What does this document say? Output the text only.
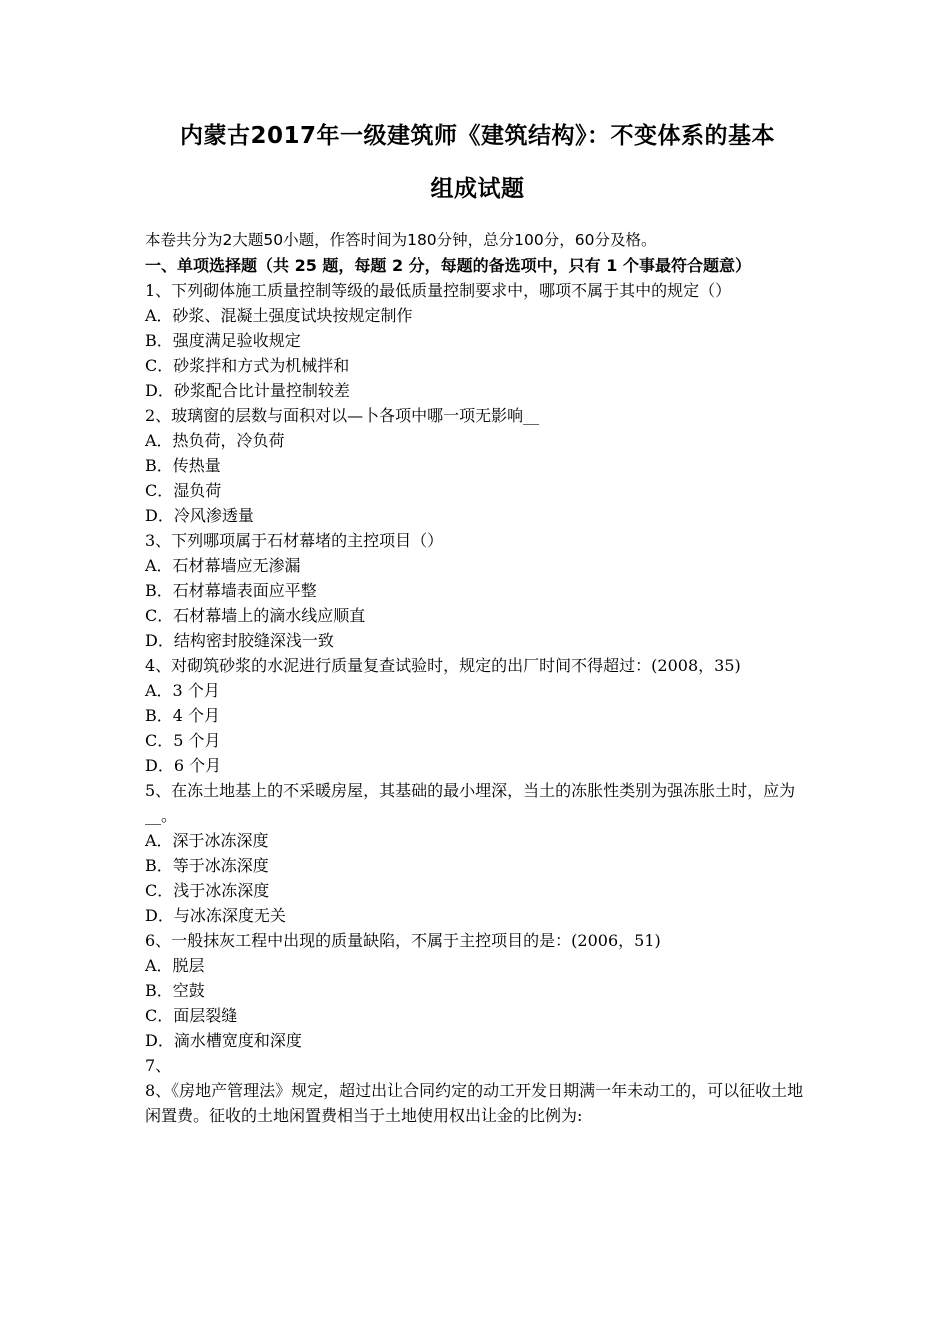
内蒙古2017年一级建筑师《建筑结构》：不变体系的基本
组成试题
本卷共分为2大题50小题，作答时间为180分钟，总分100分，60分及格。
一、单项选择题（共 25 题，每题 2 分，每题的备选项中，只有 1 个事最符合题意）
1、下列砌体施工质量控制等级的最低质量控制要求中，哪项不属于其中的规定（）
A．砂浆、混凝土强度试块按规定制作
B．强度满足验收规定
C．砂浆拌和方式为机械拌和
D．砂浆配合比计量控制较差
2、玻璃窗的层数与面积对以—卜各项中哪一项无影响__
A．热负荷，冷负荷
B．传热量
C．湿负荷
D．冷风渗透量
3、下列哪项属于石材幕堵的主控项目（）
A．石材幕墙应无渗漏
B．石材幕墙表面应平整
C．石材幕墙上的滴水线应顺直
D．结构密封胶缝深浅一致
4、对砌筑砂浆的水泥进行质量复查试验时，规定的出厂时间不得超过：(2008，35)
A．3 个月
B．4 个月
C．5 个月
D．6 个月
5、在冻土地基上的不采暖房屋，其基础的最小埋深，当土的冻胀性类别为强冻胀土时，应为__。
A．深于冰冻深度
B．等于冰冻深度
C．浅于冰冻深度
D．与冰冻深度无关
6、一般抹灰工程中出现的质量缺陷，不属于主控项目的是：(2006，51)
A．脱层
B．空鼓
C．面层裂缝
D．滴水槽宽度和深度
7、
8、《房地产管理法》规定，超过出让合同约定的动工开发日期满一年未动工的，可以征收土地闲置费。征收的土地闲置费相当于土地使用权出让金的比例为:
